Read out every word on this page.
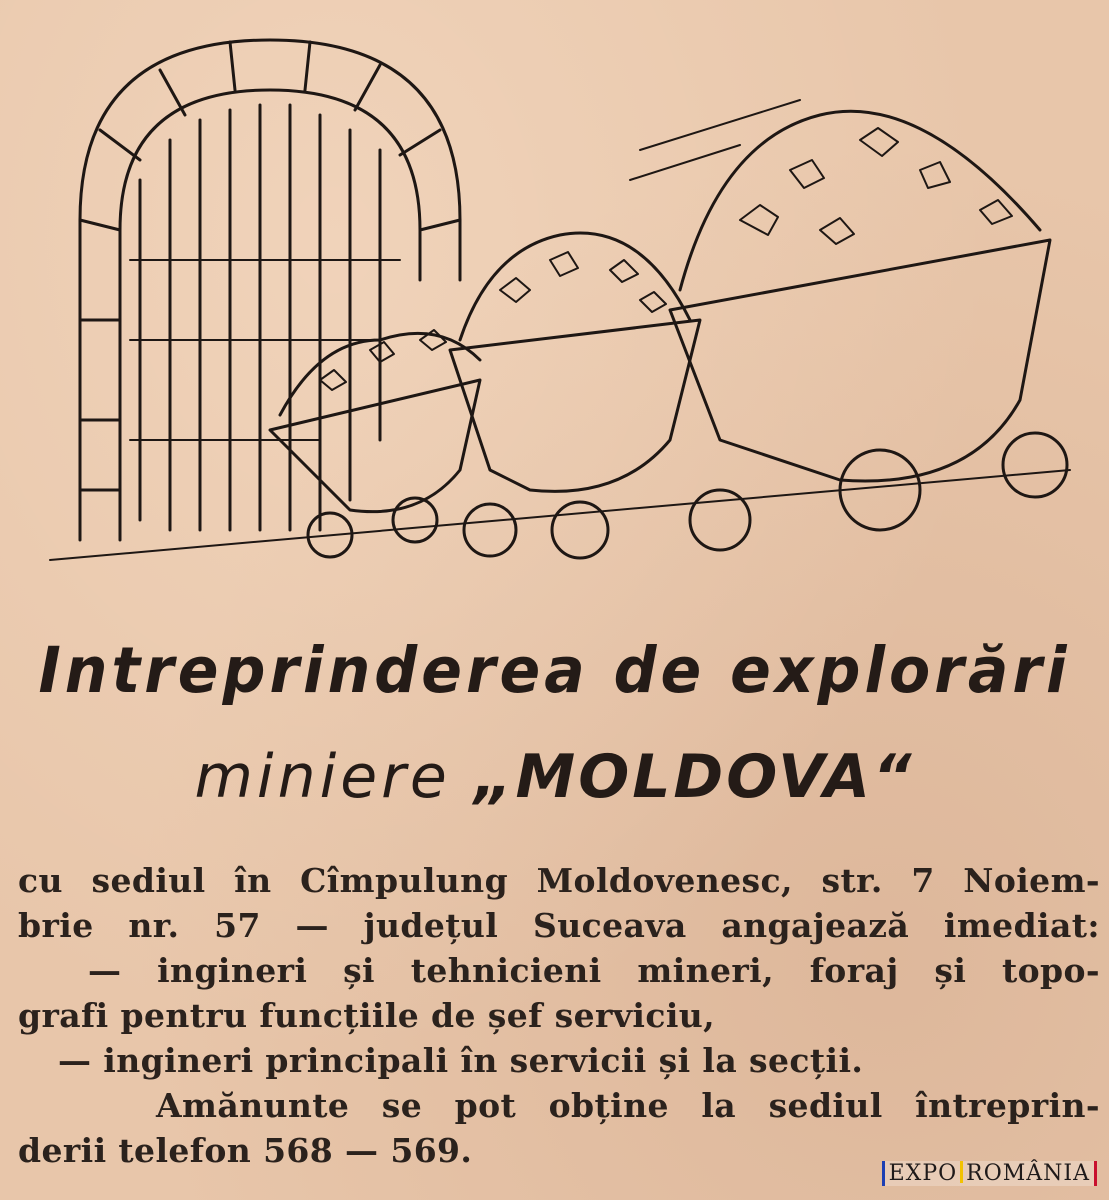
Intreprinderea de explorări
miniere „MOLDOVA“
cu sediul în Cîmpulung Moldovenesc, str. 7 Noiem-
brie nr. 57 — județul Suceava angajează imediat:
— ingineri și tehnicieni mineri, foraj și topo-
grafi pentru funcțiile de șef serviciu,
— ingineri principali în servicii și la secții.
Amănunte se pot obține la sediul întreprin-
derii telefon 568 — 569.
EXPO ROMÂNIA
